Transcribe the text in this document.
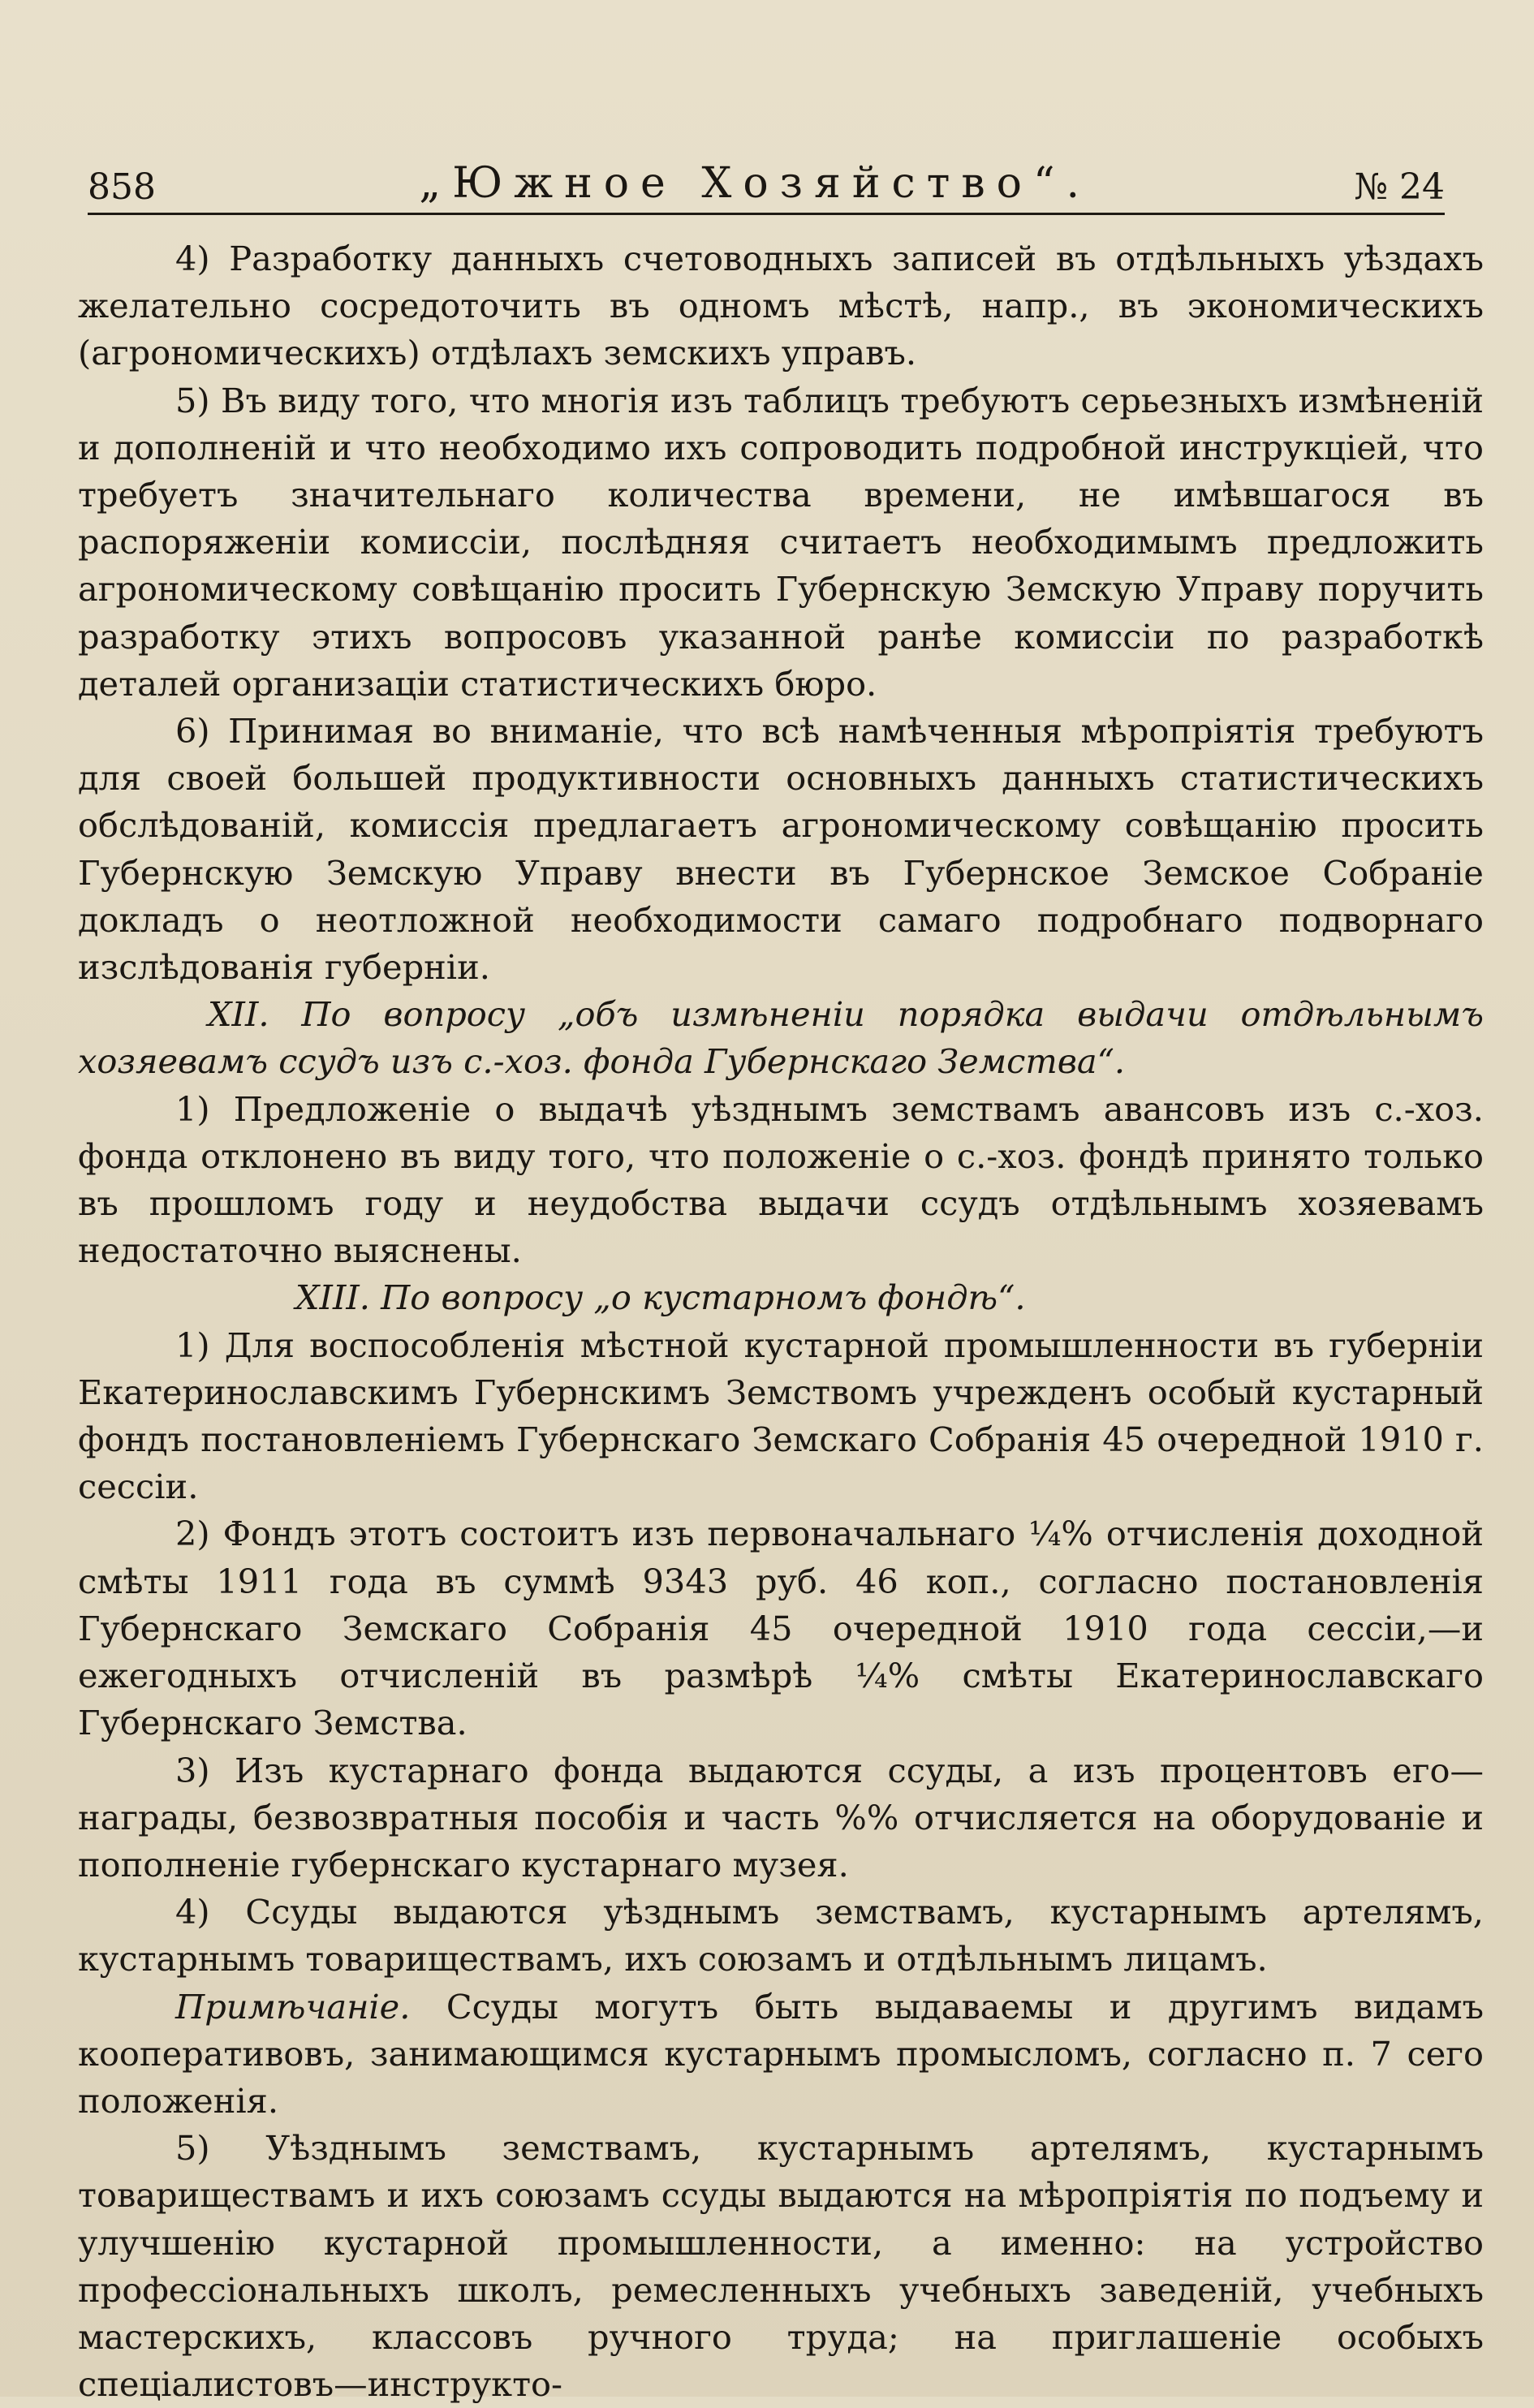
858	„Южное Хозяйство“.	№ 24

4) Разработку данныхъ счетоводныхъ записей въ отдѣльныхъ уѣздахъ желательно сосредоточить въ одномъ мѣстѣ, напр., въ экономическихъ (агрономическихъ) отдѣлахъ земскихъ управъ.

5) Въ виду того, что многія изъ таблицъ требуютъ серьезныхъ измѣненій и дополненій и что необходимо ихъ сопроводить подробной инструкціей, что требуетъ значительнаго количества времени, не имѣвшагося въ распоряженіи комиссіи, послѣдняя считаетъ необходимымъ предложить агрономическому совѣщанію просить Губернскую Земскую Управу поручить разработку этихъ вопросовъ указанной ранѣе комиссіи по разработкѣ деталей организаціи статистическихъ бюро.

6) Принимая во вниманіе, что всѣ намѣченныя мѣропріятія требуютъ для своей большей продуктивности основныхъ данныхъ статистическихъ обслѣдованій, комиссія предлагаетъ агрономическому совѣщанію просить Губернскую Земскую Управу внести въ Губернское Земское Собраніе докладъ о неотложной необходимости самаго подробнаго подворнаго изслѣдованія губерніи.

XII. По вопросу „объ измѣненіи порядка выдачи отдѣльнымъ хозяевамъ ссудъ изъ с.-хоз. фонда Губернскаго Земства“.

1) Предложеніе о выдачѣ уѣзднымъ земствамъ авансовъ изъ с.-хоз. фонда отклонено въ виду того, что положеніе о с.-хоз. фондѣ принято только въ прошломъ году и неудобства выдачи ссудъ отдѣльнымъ хозяевамъ недостаточно выяснены.

XIII. По вопросу „о кустарномъ фондѣ“.

1) Для воспособленія мѣстной кустарной промышленности въ губерніи Екатеринославскимъ Губернскимъ Земствомъ учрежденъ особый кустарный фондъ постановленіемъ Губернскаго Земскаго Собранія 45 очередной 1910 г. сессіи.

2) Фондъ этотъ состоитъ изъ первоначальнаго ¼% отчисленія доходной смѣты 1911 года въ суммѣ 9343 руб. 46 коп., согласно постановленія Губернскаго Земскаго Собранія 45 очередной 1910 года сессіи,—и ежегодныхъ отчисленій въ размѣрѣ ¼% смѣты Екатеринославскаго Губернскаго Земства.

3) Изъ кустарнаго фонда выдаются ссуды, а изъ процентовъ его—награды, безвозвратныя пособія и часть %% отчисляется на оборудованіе и пополненіе губернскаго кустарнаго музея.

4) Ссуды выдаются уѣзднымъ земствамъ, кустарнымъ артелямъ, кустарнымъ товариществамъ, ихъ союзамъ и отдѣльнымъ лицамъ.

Примѣчаніе. Ссуды могутъ быть выдаваемы и другимъ видамъ кооперативовъ, занимающимся кустарнымъ промысломъ, согласно п. 7 сего положенія.

5) Уѣзднымъ земствамъ, кустарнымъ артелямъ, кустарнымъ товариществамъ и ихъ союзамъ ссуды выдаются на мѣропріятія по подъему и улучшенію кустарной промышленности, а именно: на устройство профессіональныхъ школъ, ремесленныхъ учебныхъ заведеній, учебныхъ мастерскихъ, классовъ ручного труда; на приглашеніе особыхъ спеціалистовъ—инструкто-
